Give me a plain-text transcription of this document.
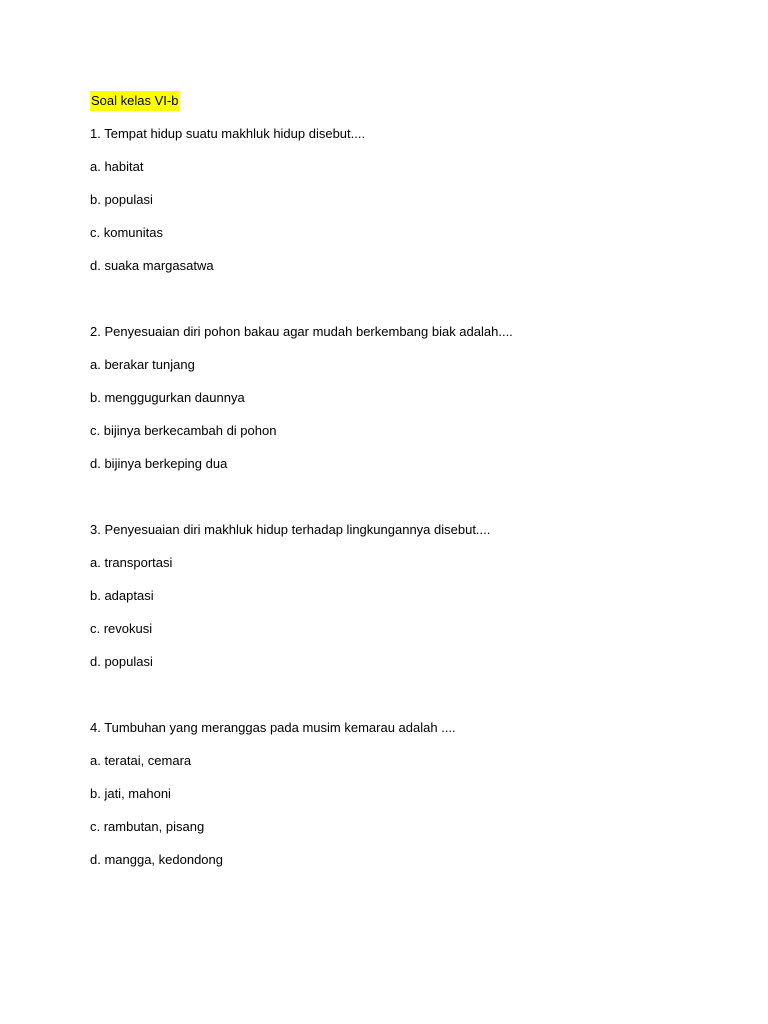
Soal kelas VI-b
1. Tempat hidup suatu makhluk hidup disebut....
a. habitat
b. populasi
c. komunitas
d. suaka margasatwa
2. Penyesuaian diri pohon bakau agar mudah berkembang biak adalah....
a. berakar tunjang
b. menggugurkan daunnya
c. bijinya berkecambah di pohon
d. bijinya berkeping dua
3. Penyesuaian diri makhluk hidup terhadap lingkungannya disebut....
a. transportasi
b. adaptasi
c. revokusi
d. populasi
4. Tumbuhan yang meranggas pada musim kemarau adalah ....
a. teratai, cemara
b. jati, mahoni
c. rambutan, pisang
d. mangga, kedondong
